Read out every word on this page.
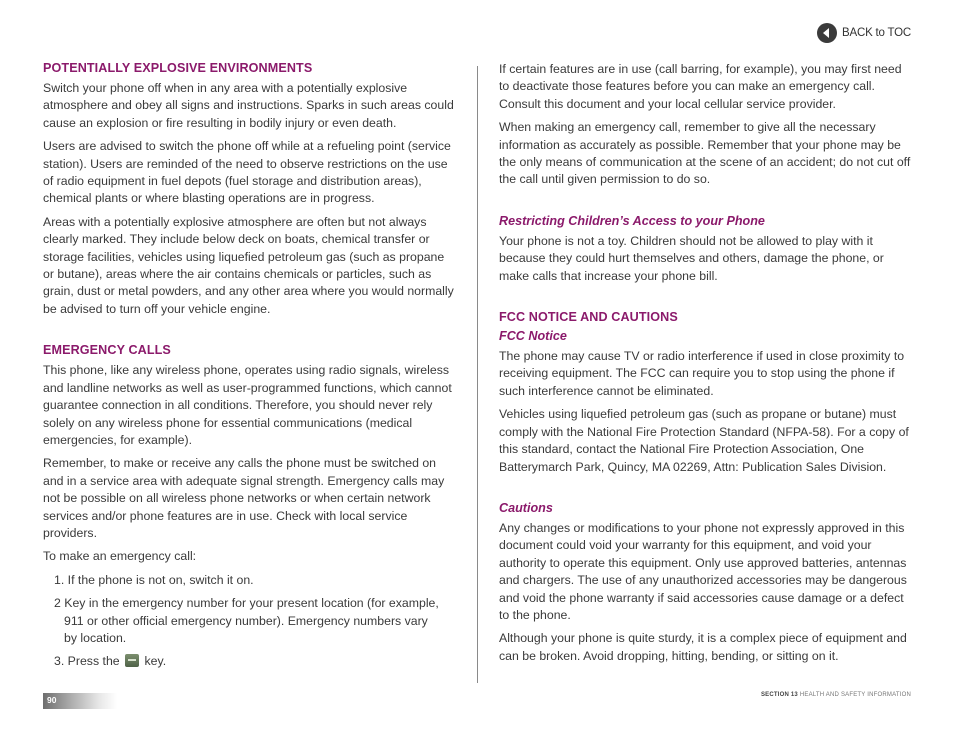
BACK to TOC
POTENTIALLY EXPLOSIVE ENVIRONMENTS

Switch your phone off when in any area with a potentially explosive atmosphere and obey all signs and instructions. Sparks in such areas could cause an explosion or fire resulting in bodily injury or even death.

Users are advised to switch the phone off while at a refueling point (service station). Users are reminded of the need to observe restrictions on the use of radio equipment in fuel depots (fuel storage and distribution areas), chemical plants or where blasting operations are in progress.

Areas with a potentially explosive atmosphere are often but not always clearly marked. They include below deck on boats, chemical transfer or storage facilities, vehicles using liquefied petroleum gas (such as propane or butane), areas where the air contains chemicals or particles, such as grain, dust or metal powders, and any other area where you would normally be advised to turn off your vehicle engine.

EMERGENCY CALLS

This phone, like any wireless phone, operates using radio signals, wireless and landline networks as well as user-programmed functions, which cannot guarantee connection in all conditions. Therefore, you should never rely solely on any wireless phone for essential communications (medical emergencies, for example).

Remember, to make or receive any calls the phone must be switched on and in a service area with adequate signal strength. Emergency calls may not be possible on all wireless phone networks or when certain network services and/or phone features are in use. Check with local service providers.

To make an emergency call:

1. If the phone is not on, switch it on.
2 Key in the emergency number for your present location (for example,
911 or other official emergency number). Emergency numbers vary
by location.
3. Press the key.

If certain features are in use (call barring, for example), you may first need to deactivate those features before you can make an emergency call. Consult this document and your local cellular service provider.

When making an emergency call, remember to give all the necessary information as accurately as possible. Remember that your phone may be the only means of communication at the scene of an accident; do not cut off the call until given permission to do so.

Restricting Children’s Access to your Phone

Your phone is not a toy. Children should not be allowed to play with it because they could hurt themselves and others, damage the phone, or make calls that increase your phone bill.

FCC NOTICE AND CAUTIONS
FCC Notice

The phone may cause TV or radio interference if used in close proximity to receiving equipment. The FCC can require you to stop using the phone if such interference cannot be eliminated.

Vehicles using liquefied petroleum gas (such as propane or butane) must comply with the National Fire Protection Standard (NFPA-58). For a copy of this standard, contact the National Fire Protection Association, One Batterymarch Park, Quincy, MA 02269, Attn: Publication Sales Division.

Cautions

Any changes or modifications to your phone not expressly approved in this document could void your warranty for this equipment, and void your authority to operate this equipment. Only use approved batteries, antennas and chargers. The use of any unauthorized accessories may be dangerous and void the phone warranty if said accessories cause damage or a defect to the phone.

Although your phone is quite sturdy, it is a complex piece of equipment and can be broken. Avoid dropping, hitting, bending, or sitting on it.

90	SECTION 13 HEALTH AND SAFETY INFORMATION
